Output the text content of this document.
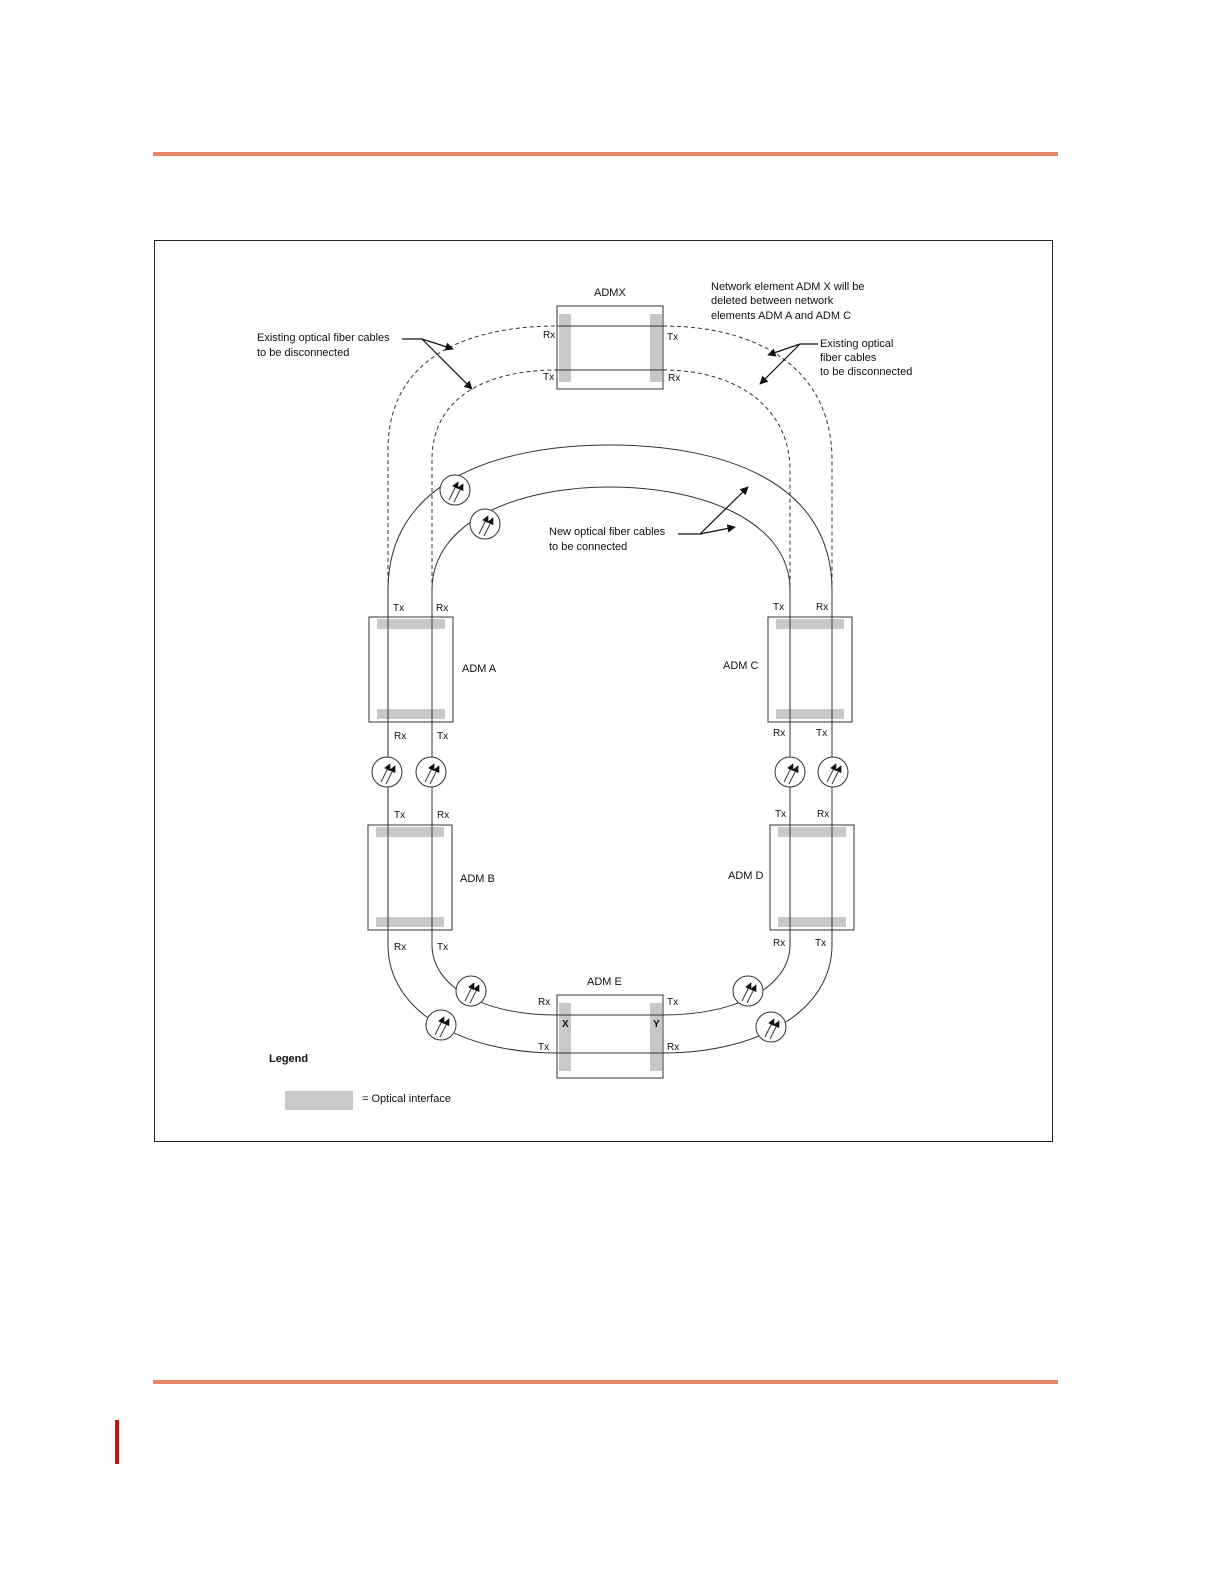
ADMX
ADM A
ADM B
ADM C
ADM D
ADM E
Rx
Tx
Tx
Rx
Tx	Rx
Rx	Tx
Tx	Rx
Rx	Tx
Tx	Rx
Rx	Tx
Tx	Rx
Rx	Tx
Rx
Tx
Tx
Rx
X	Y
Network element ADM X will be deleted between network elements ADM A and ADM C
Existing optical fiber cables to be disconnected
Existing optical fiber cables to be disconnected
New optical fiber cables to be connected
Legend
= Optical interface
